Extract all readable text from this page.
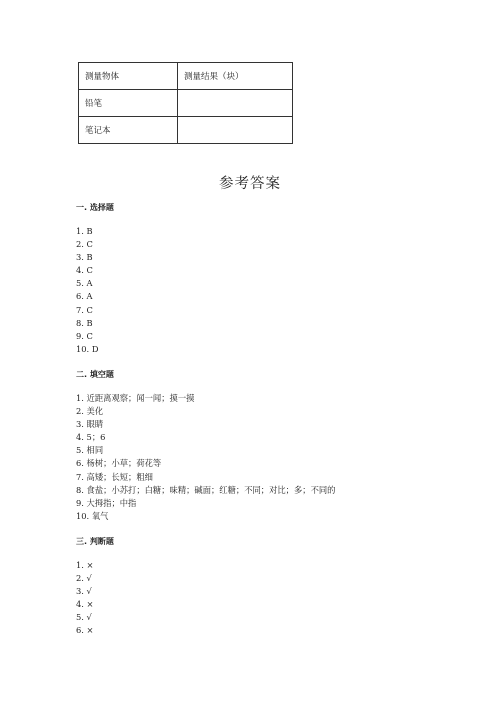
测量物体	测量结果（块）
铅笔	
笔记本	
参考答案
一. 选择题
1. B
2. C
3. B
4. C
5. A
6. A
7. C
8. B
9. C
10. D
二. 填空题
1. 近距离观察；闻一闻；摸一摸
2. 美化
3. 眼睛
4. 5；6
5. 相同
6. 杨树；小草；荷花等
7. 高矮；长短；粗细
8. 食盐；小苏打；白糖；味精；碱面；红糖；不同；对比；多；不同的
9. 大拇指；中指
10. 氧气
三. 判断题
1. ×
2. √
3. √
4. ×
5. √
6. ×
